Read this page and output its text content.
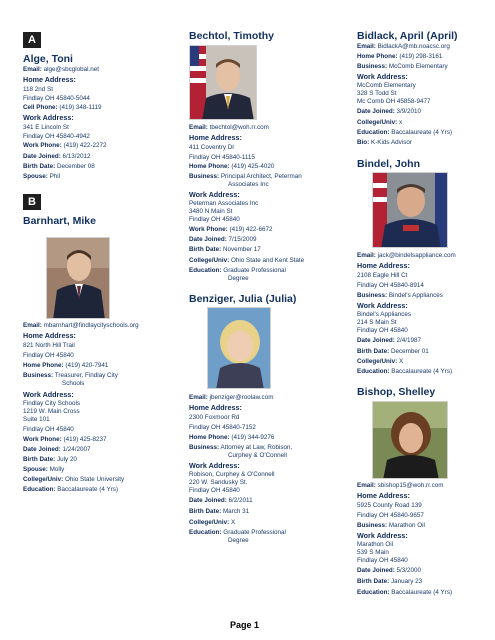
A
Alge, Toni
Email: alge@sbcglobal.net
Home Address:
118 2nd St
Findlay OH 45840-5044
Cell Phone: (419) 348-1119
Work Address:
341 E Lincoln St
Findlay OH 45840-4942
Work Phone: (419) 422-2272
Date Joined: 6/13/2012
Birth Date: December 08
Spouse: Phil
B
Barnhart, Mike
Email: mbarnhart@findlaycityschools.org
Home Address:
821 North Hill Trail
Findlay OH 45840
Home Phone: (419) 420-7941
Business: Treasurer, Findlay City
Schools
Work Address:
Findlay City Schools
1219 W. Main Cross
Suite 101
Findlay OH 45840
Work Phone: (419) 425-8237
Date Joined: 1/24/2007
Birth Date: July 20
Spouse: Molly
College/Univ: Ohio State University
Education: Baccalaureate (4 Yrs)
Bechtol, Timothy
Email: tbechtol@woh.rr.com
Home Address:
411 Coventry Dr
Findlay OH 45840-1115
Home Phone: (419) 425-4020
Business: Principal Architect, Peterman
Associates Inc
Work Address:
Peterman Associates Inc
3480 N Main St
Findlay OH 45840
Work Phone: (419) 422-6672
Date Joined: 7/15/2009
Birth Date: November 17
College/Univ: Ohio State and Kent State
Education: Graduate Professional
Degree
Benziger, Julia (Julia)
Email: jbenziger@roolaw.com
Home Address:
2300 Foxmoor Rd
Findlay OH 45840-7152
Home Phone: (419) 344-9276
Business: Attorney at Law, Robison,
Curphey & O'Connell
Work Address:
Robison, Curphey & O'Connell
220 W. Sandusky St.
Findlay OH 45840
Date Joined: 6/2/2011
Birth Date: March 31
College/Univ: X
Education: Graduate Professional
Degree
Bidlack, April (April)
Email: BidlackA@mb.noacsc.org
Home Phone: (419) 298-3161
Business: McComb Elementary
Work Address:
McComb Elementary
328 S Todd St
Mc Comb OH 45858-9477
Date Joined: 3/9/2010
College/Univ: x
Education: Baccalaureate (4 Yrs)
Bio: K-Kids Advisor
Bindel, John
Email: jack@bindelsappliance.com
Home Address:
2108 Eagle Hill Ct
Findlay OH 45840-8914
Business: Bindel's Appliances
Work Address:
Bindel's Appliances
214 S Main St
Findlay OH 45840
Date Joined: 2/4/1987
Birth Date: December 01
College/Univ: X
Education: Baccalaureate (4 Yrs)
Bishop, Shelley
Email: sbishop15@woh.rr.com
Home Address:
5925 County Road 139
Findlay OH 45840-9657
Business: Marathon Oil
Work Address:
Marathon Oil
539 S Main
Findlay OH 45840
Date Joined: 5/3/2000
Birth Date: January 23
Education: Baccalaureate (4 Yrs)
Page 1
